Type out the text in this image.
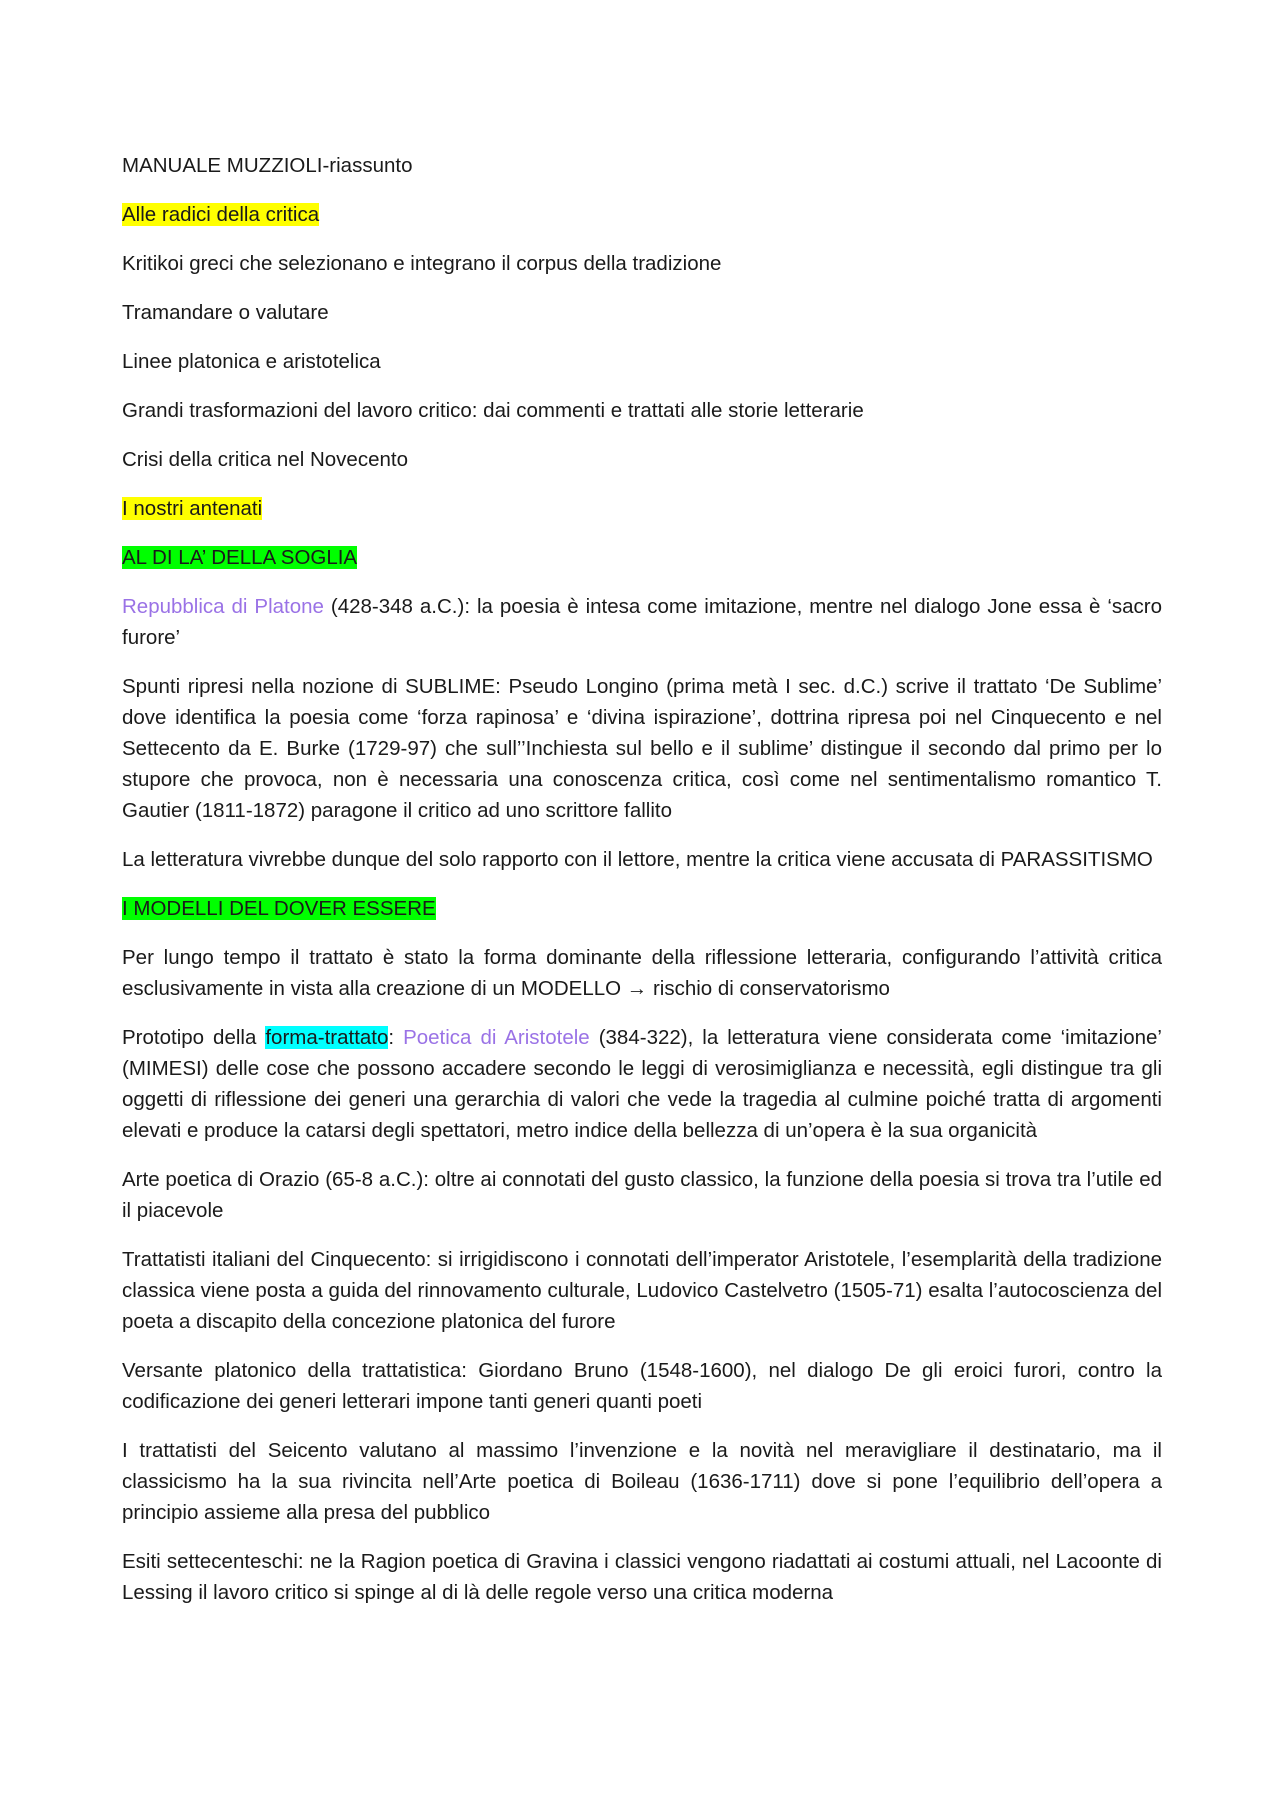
MANUALE MUZZIOLI-riassunto

Alle radici della critica

Kritikoi greci che selezionano e integrano il corpus della tradizione

Tramandare o valutare

Linee platonica e aristotelica

Grandi trasformazioni del lavoro critico: dai commenti e trattati alle storie letterarie

Crisi della critica nel Novecento

I nostri antenati

AL DI LA’ DELLA SOGLIA

Repubblica di Platone (428-348 a.C.): la poesia è intesa come imitazione, mentre nel dialogo Jone essa è ‘sacro furore’

Spunti ripresi nella nozione di SUBLIME: Pseudo Longino (prima metà I sec. d.C.) scrive il trattato ‘De Sublime’ dove identifica la poesia come ‘forza rapinosa’ e ‘divina ispirazione’, dottrina ripresa poi nel Cinquecento e nel Settecento da E. Burke (1729-97) che sull’’Inchiesta sul bello e il sublime’ distingue il secondo dal primo per lo stupore che provoca, non è necessaria una conoscenza critica, così come nel sentimentalismo romantico T. Gautier (1811-1872) paragone il critico ad uno scrittore fallito

La letteratura vivrebbe dunque del solo rapporto con il lettore, mentre la critica viene accusata di PARASSITISMO

I MODELLI DEL DOVER ESSERE

Per lungo tempo il trattato è stato la forma dominante della riflessione letteraria, configurando l’attività critica esclusivamente in vista alla creazione di un MODELLO → rischio di conservatorismo

Prototipo della forma-trattato: Poetica di Aristotele (384-322), la letteratura viene considerata come ‘imitazione’ (MIMESI) delle cose che possono accadere secondo le leggi di verosimiglianza e necessità, egli distingue tra gli oggetti di riflessione dei generi una gerarchia di valori che vede la tragedia al culmine poiché tratta di argomenti elevati e produce la catarsi degli spettatori, metro indice della bellezza di un’opera è la sua organicità

Arte poetica di Orazio (65-8 a.C.): oltre ai connotati del gusto classico, la funzione della poesia si trova tra l’utile ed il piacevole

Trattatisti italiani del Cinquecento: si irrigidiscono i connotati dell’imperator Aristotele, l’esemplarità della tradizione classica viene posta a guida del rinnovamento culturale, Ludovico Castelvetro (1505-71) esalta l’autocoscienza del poeta a discapito della concezione platonica del furore

Versante platonico della trattatistica: Giordano Bruno (1548-1600), nel dialogo De gli eroici furori, contro la codificazione dei generi letterari impone tanti generi quanti poeti

I trattatisti del Seicento valutano al massimo l’invenzione e la novità nel meravigliare il destinatario, ma il classicismo ha la sua rivincita nell’Arte poetica di Boileau (1636-1711) dove si pone l’equilibrio dell’opera a principio assieme alla presa del pubblico

Esiti settecenteschi: ne la Ragion poetica di Gravina i classici vengono riadattati ai costumi attuali, nel Lacoonte di Lessing il lavoro critico si spinge al di là delle regole verso una critica moderna
